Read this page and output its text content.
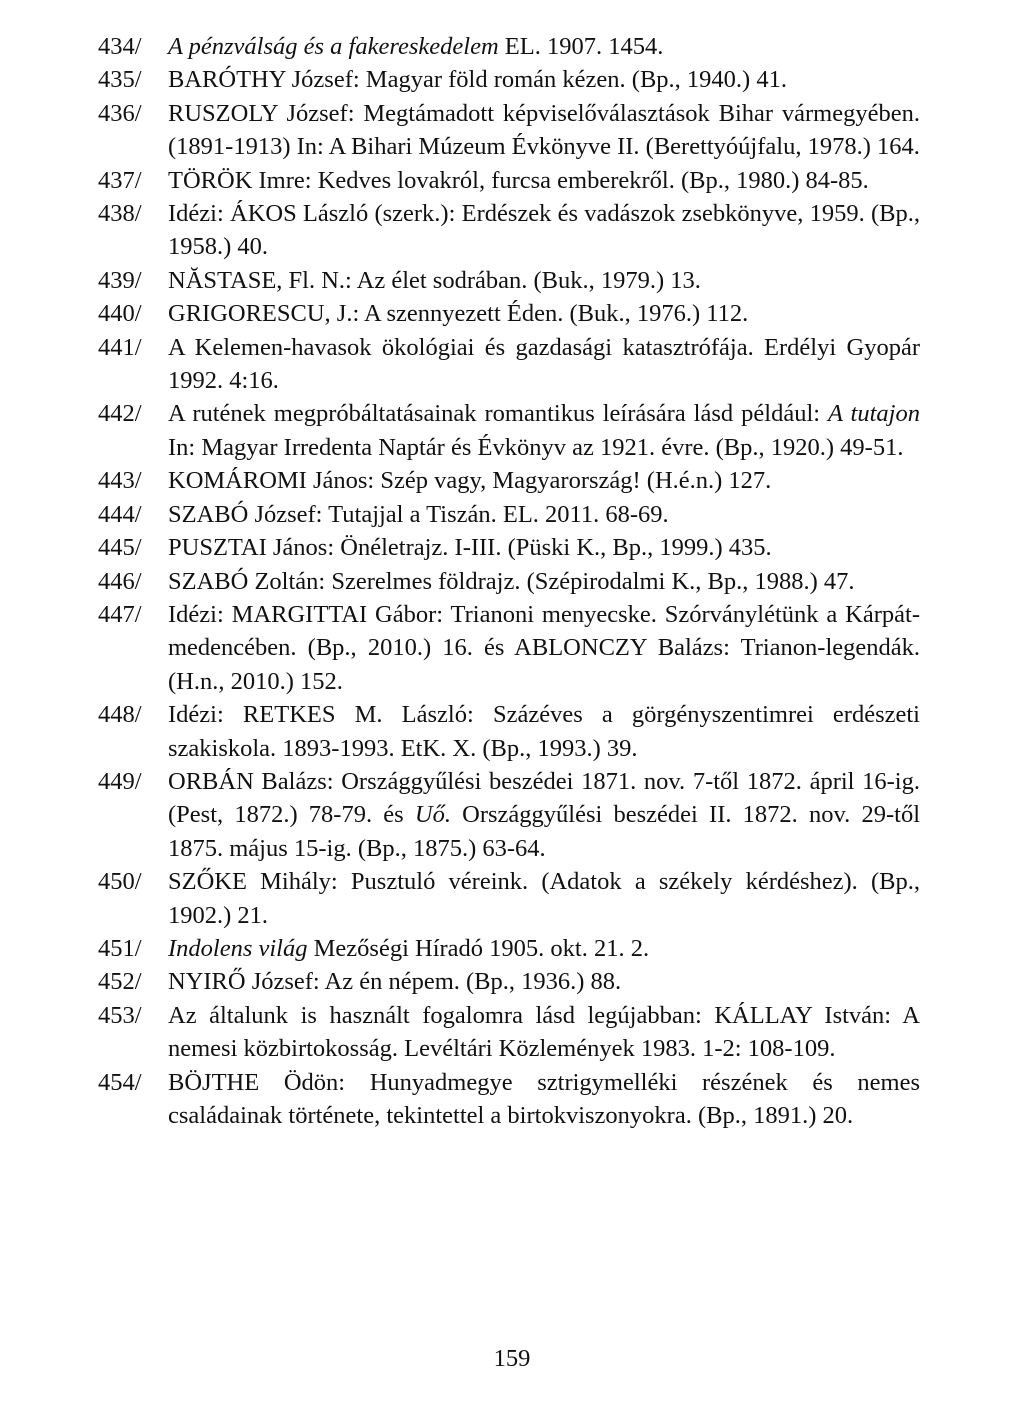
434/	A pénzválság és a fakereskedelem EL. 1907. 1454.
435/	BARÓTHY József: Magyar föld román kézen. (Bp., 1940.) 41.
436/	RUSZOLY József: Megtámadott képviselőválasztások Bihar vármegyében. (1891-1913) In: A Bihari Múzeum Évkönyve II. (Berettyóújfalu, 1978.) 164.
437/	TÖRÖK Imre: Kedves lovakról, furcsa emberekről. (Bp., 1980.) 84-85.
438/	Idézi: ÁKOS László (szerk.): Erdészek és vadászok zsebkönyve, 1959. (Bp., 1958.) 40.
439/	NĂSTASE, Fl. N.: Az élet sodrában. (Buk., 1979.) 13.
440/	GRIGORESCU, J.: A szennyezett Éden. (Buk., 1976.) 112.
441/	A Kelemen-havasok ökológiai és gazdasági katasztrófája. Erdélyi Gyopár 1992. 4:16.
442/	A rutének megpróbáltatásainak romantikus leírására lásd például: A tutajon In: Magyar Irredenta Naptár és Évkönyv az 1921. évre. (Bp., 1920.) 49-51.
443/	KOMÁROMI János: Szép vagy, Magyarország! (H.é.n.) 127.
444/	SZABÓ József: Tutajjal a Tiszán. EL. 2011. 68-69.
445/	PUSZTAI János: Önéletrajz. I-III. (Püski K., Bp., 1999.) 435.
446/	SZABÓ Zoltán: Szerelmes földrajz. (Szépirodalmi K., Bp., 1988.) 47.
447/	Idézi: MARGITTAI Gábor: Trianoni menyecske. Szórványlétünk a Kárpát-medencében. (Bp., 2010.) 16. és ABLONCZY Balázs: Trianon-legendák. (H.n., 2010.) 152.
448/	Idézi: RETKES M. László: Százéves a görgényszentimrei erdészeti szakiskola. 1893-1993. EtK. X. (Bp., 1993.) 39.
449/	ORBÁN Balázs: Országgyűlési beszédei 1871. nov. 7-től 1872. ápril 16-ig. (Pest, 1872.) 78-79. és Uő. Országgyűlési beszédei II. 1872. nov. 29-től 1875. május 15-ig. (Bp., 1875.) 63-64.
450/	SZŐKE Mihály: Pusztuló véreink. (Adatok a székely kérdéshez). (Bp., 1902.) 21.
451/	Indolens világ Mezőségi Híradó 1905. okt. 21. 2.
452/	NYIRŐ József: Az én népem. (Bp., 1936.) 88.
453/	Az általunk is használt fogalomra lásd legújabban: KÁLLAY István: A nemesi közbirtokosság. Levéltári Közlemények 1983. 1-2: 108-109.
454/	BÖJTHE Ödön: Hunyadmegye sztrigymelléki részének és nemes családainak története, tekintettel a birtokviszonyokra. (Bp., 1891.) 20.
159
